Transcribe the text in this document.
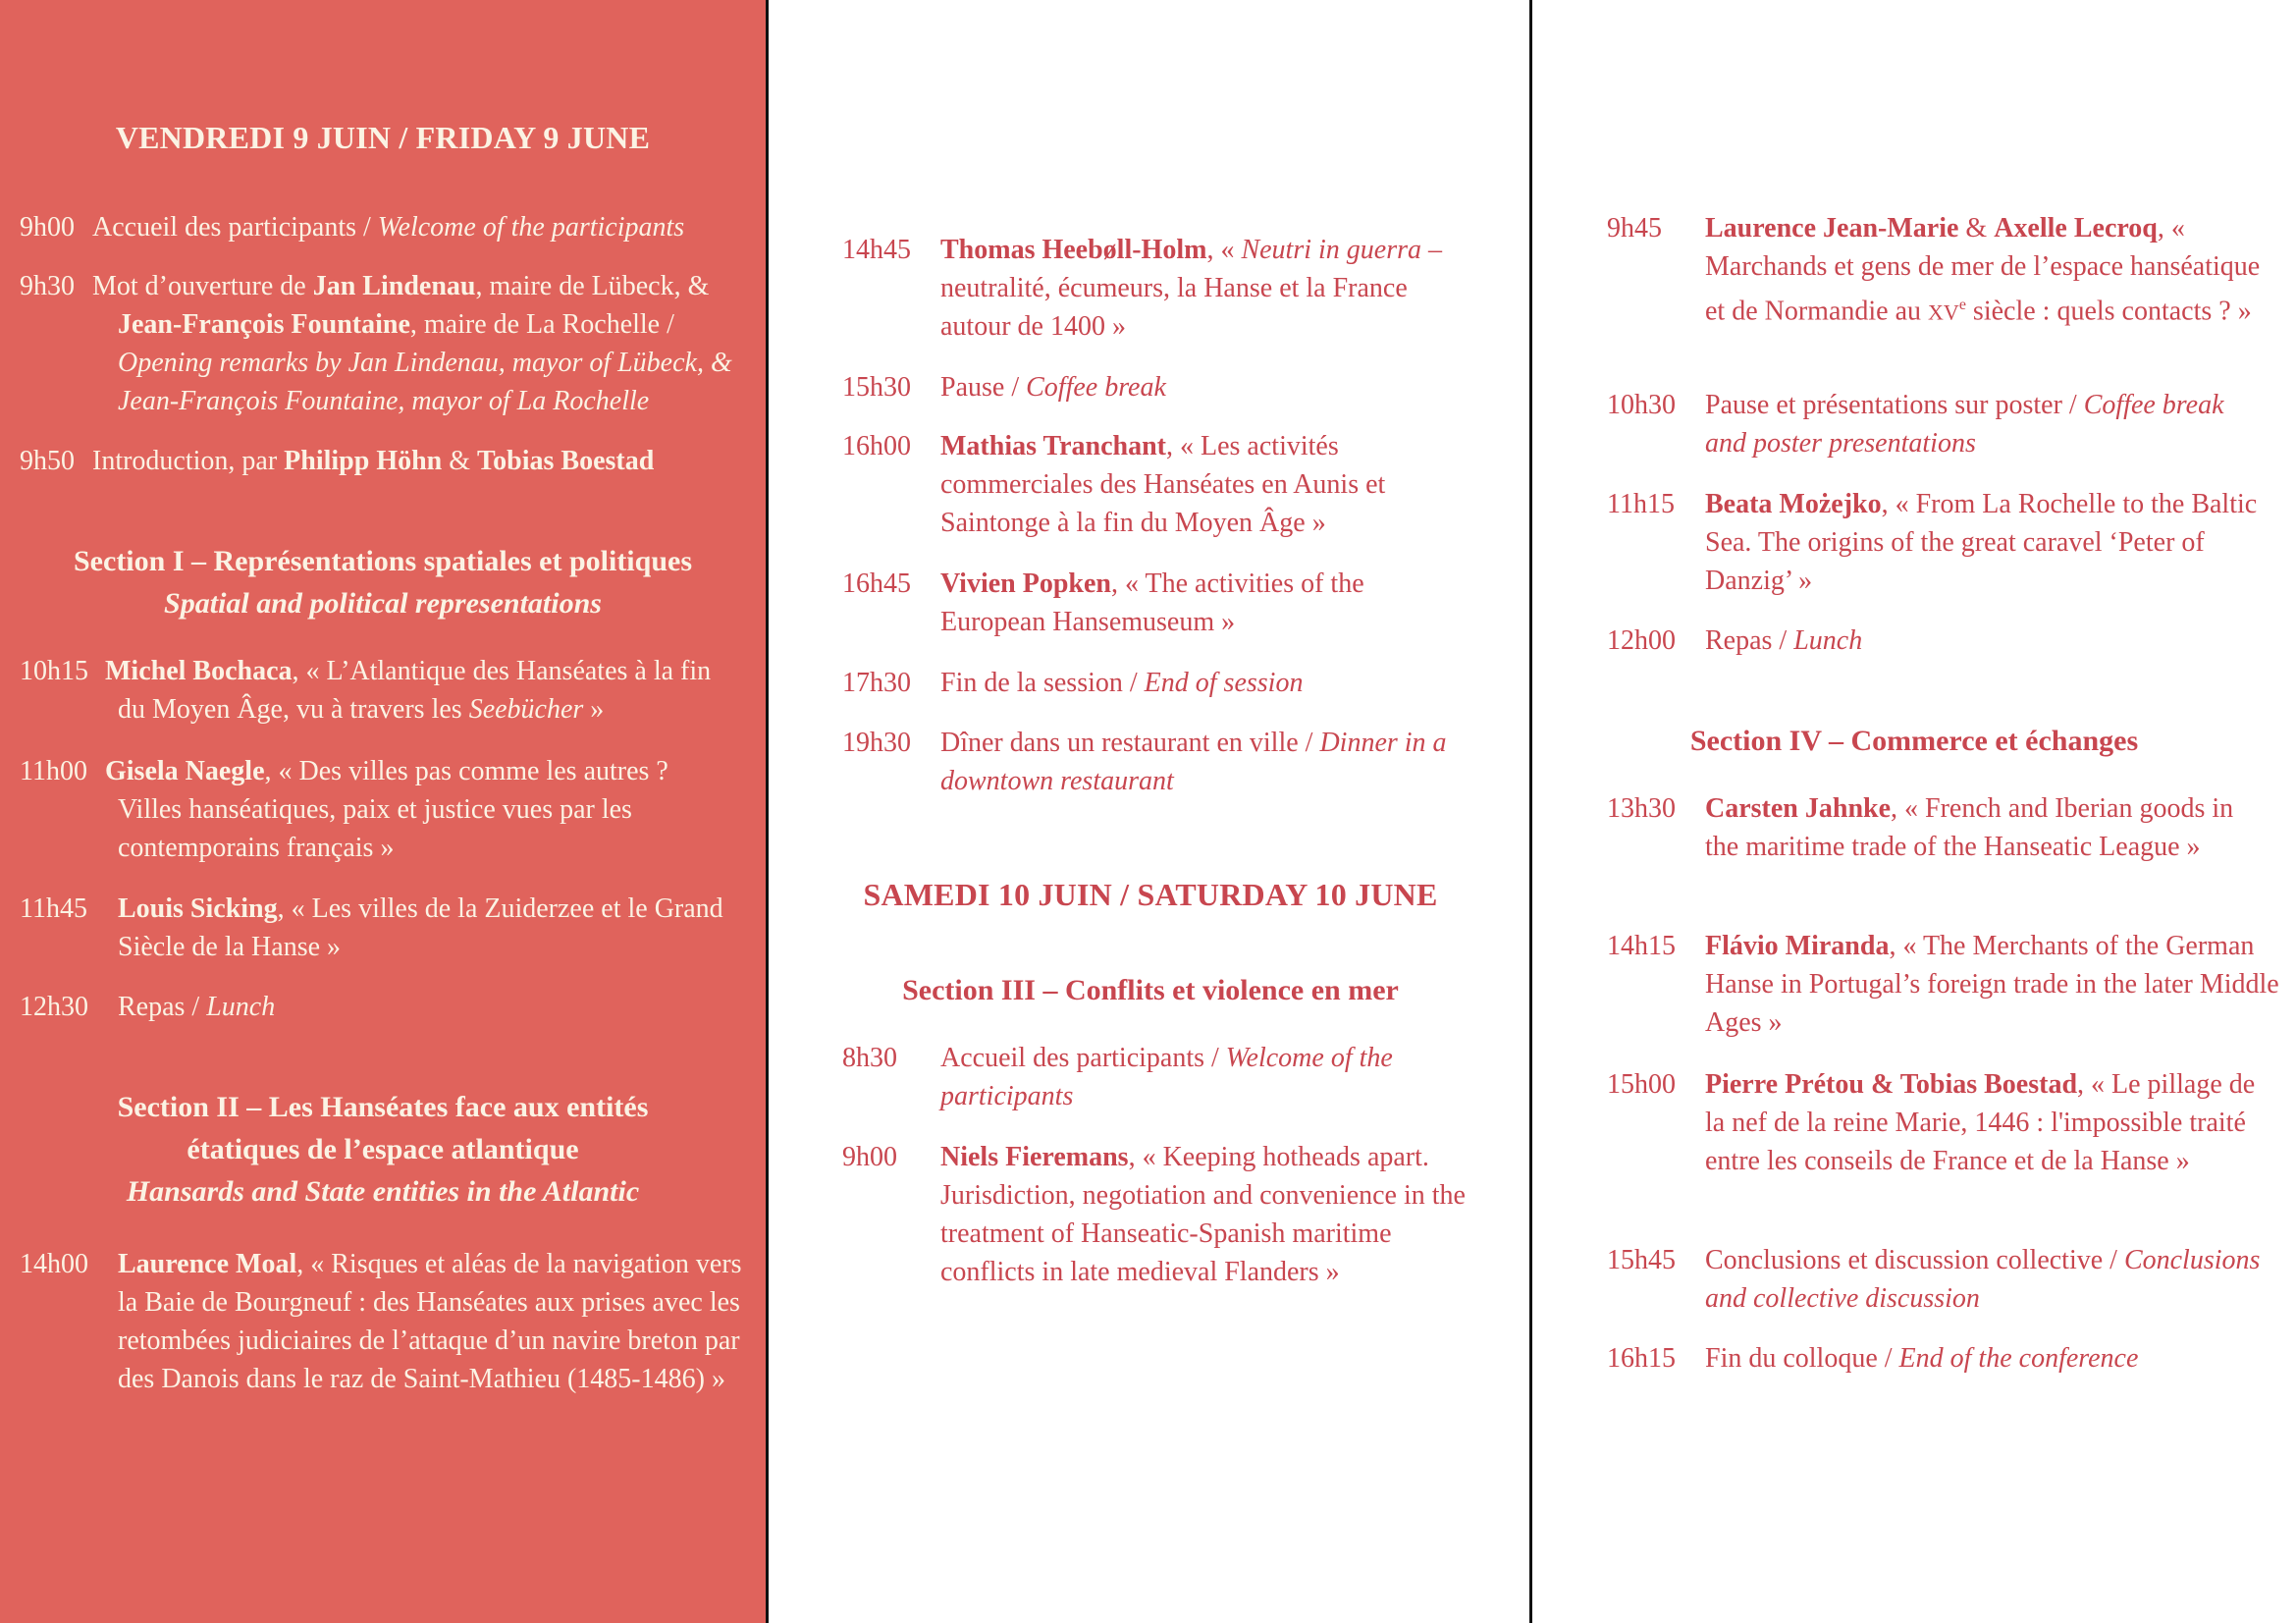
VENDREDI 9 JUIN / FRIDAY 9 JUNE
9h00 Accueil des participants / Welcome of the participants
9h30 Mot d’ouverture de Jan Lindenau, maire de Lübeck, & Jean-François Fountaine, maire de La Rochelle / Opening remarks by Jan Lindenau, mayor of Lübeck, & Jean-François Fountaine, mayor of La Rochelle
9h50 Introduction, par Philipp Höhn & Tobias Boestad
Section I – Représentations spatiales et politiques
Spatial and political representations
10h15 Michel Bochaca, « L’Atlantique des Hanséates à la fin du Moyen Âge, vu à travers les Seebücher »
11h00 Gisela Naegle, « Des villes pas comme les autres ? Villes hanséatiques, paix et justice vues par les contemporains français »
11h45	Louis Sicking, « Les villes de la Zuiderzee et le Grand Siècle de la Hanse »
12h30	Repas / Lunch
Section II – Les Hanséates face aux entités étatiques de l’espace atlantique
Hansards and State entities in the Atlantic
14h00	Laurence Moal, « Risques et aléas de la navigation vers la Baie de Bourgneuf : des Hanséates aux prises avec les retombées judiciaires de l’attaque d’un navire breton par des Danois dans le raz de Saint-Mathieu (1485-1486) »
14h45	Thomas Heebøll-Holm, « Neutri in guerra – neutralité, écumeurs, la Hanse et la France autour de 1400 »
15h30	Pause / Coffee break
16h00	Mathias Tranchant, « Les activités commerciales des Hanséates en Aunis et Saintonge à la fin du Moyen Âge »
16h45	Vivien Popken, « The activities of the European Hansemuseum »
17h30	Fin de la session / End of session
19h30	Dîner dans un restaurant en ville / Dinner in a downtown restaurant
SAMEDI 10 JUIN / SATURDAY 10 JUNE
Section III – Conflits et violence en mer
8h30	Accueil des participants / Welcome of the participants
9h00	Niels Fieremans, « Keeping hotheads apart. Jurisdiction, negotiation and convenience in the treatment of Hanseatic-Spanish maritime conflicts in late medieval Flanders »
9h45	Laurence Jean-Marie & Axelle Lecroq, « Marchands et gens de mer de l’espace hanséatique et de Normandie au XVe siècle : quels contacts ? »
10h30	Pause et présentations sur poster / Coffee break and poster presentations
11h15	Beata Możejko, « From La Rochelle to the Baltic Sea. The origins of the great caravel ‘Peter of Danzig’ »
12h00	Repas / Lunch
Section IV – Commerce et échanges
13h30	Carsten Jahnke, « French and Iberian goods in the maritime trade of the Hanseatic League »
14h15	Flávio Miranda, « The Merchants of the German Hanse in Portugal’s foreign trade in the later Middle Ages »
15h00	Pierre Prétou & Tobias Boestad, « Le pillage de la nef de la reine Marie, 1446 : l'impossible traité entre les conseils de France et de la Hanse »
15h45	Conclusions et discussion collective / Conclusions and collective discussion
16h15	Fin du colloque / End of the conference
